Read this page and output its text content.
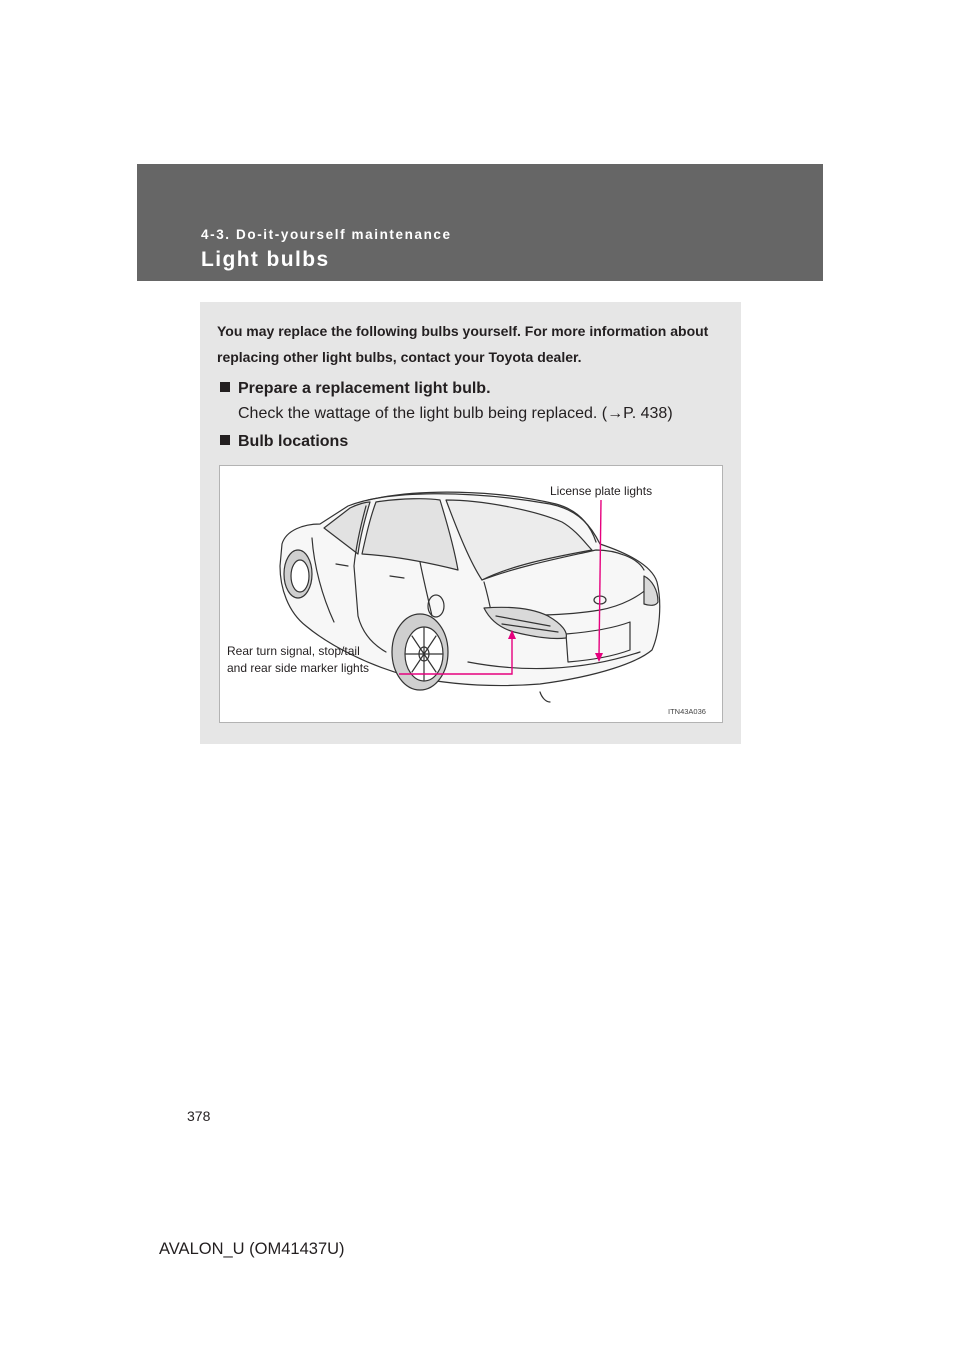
4-3. Do-it-yourself maintenance
Light bulbs

You may replace the following bulbs yourself. For more information about replacing other light bulbs, contact your Toyota dealer.

Prepare a replacement light bulb.

Check the wattage of the light bulb being replaced. (→P. 438)

Bulb locations

License plate lights
Rear turn signal, stop/tail
and rear side marker lights
ITN43A036
378
AVALON_U (OM41437U)
